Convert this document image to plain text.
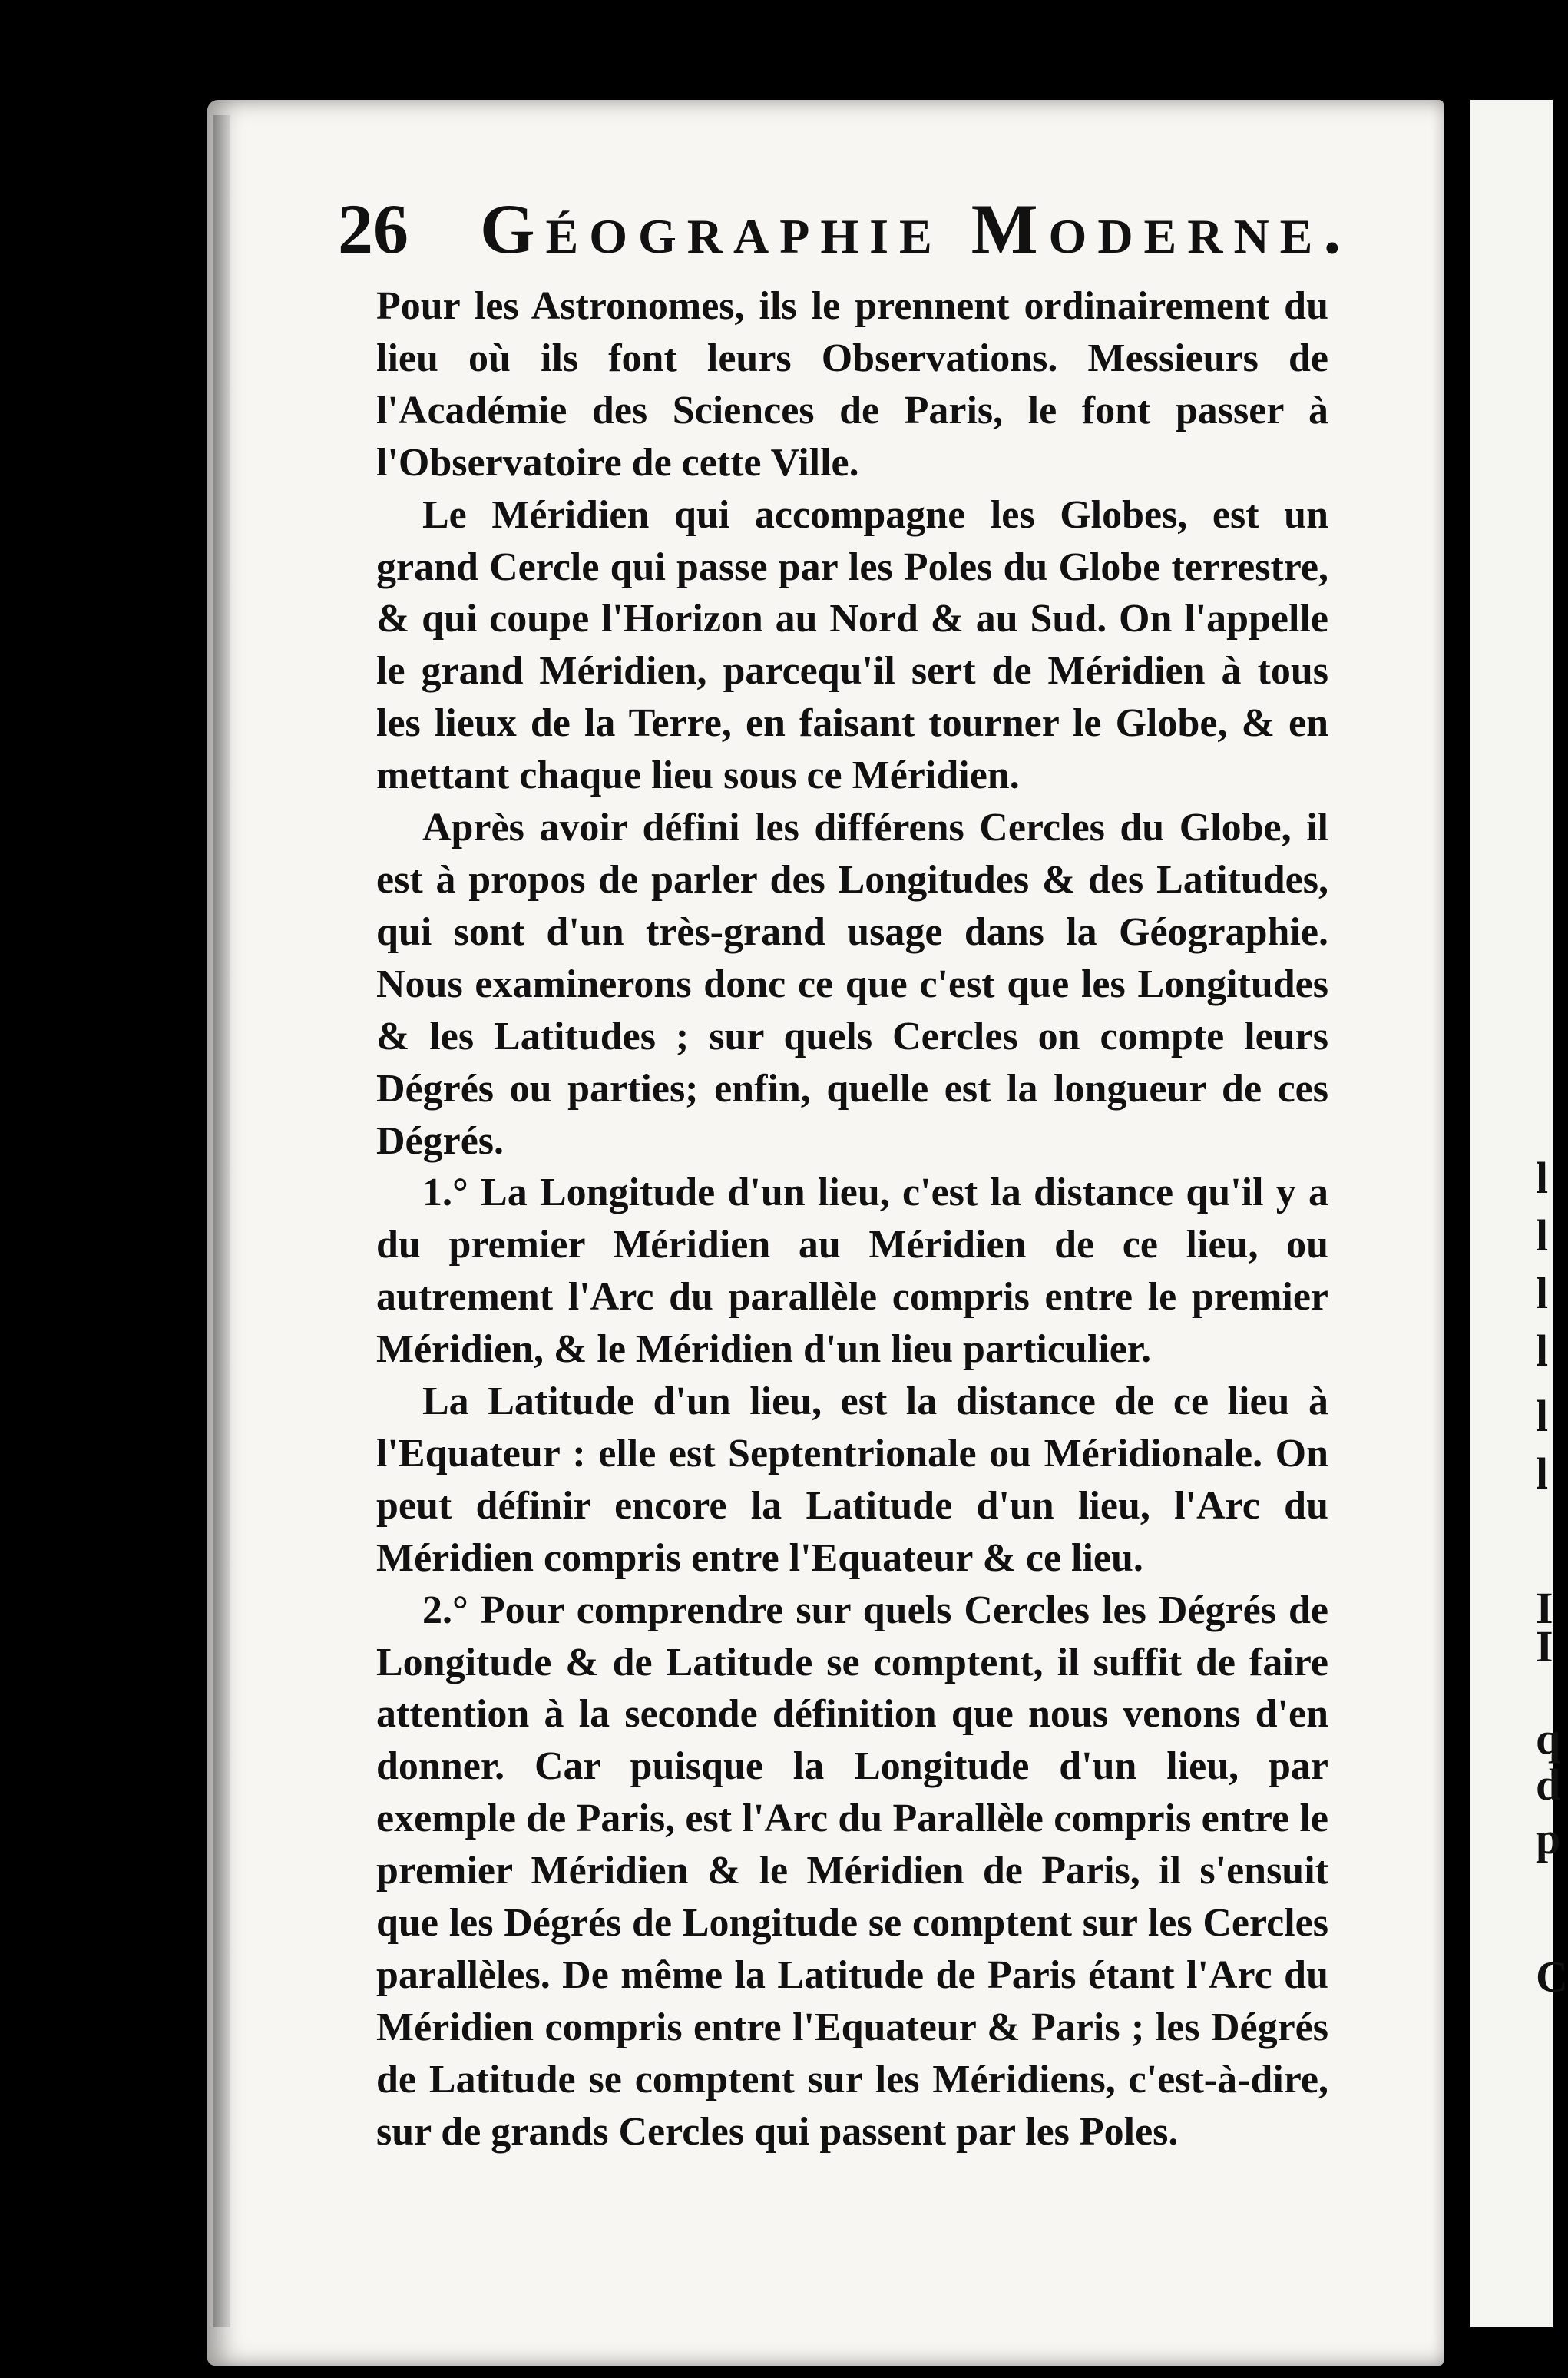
26 Géographie Moderne.

Pour les Astronomes, ils le prennent ordinairement du lieu où ils font leurs Observations. Messieurs de l'Académie des Sciences de Paris, le font passer à l'Observatoire de cette Ville.

Le Méridien qui accompagne les Globes, est un grand Cercle qui passe par les Poles du Globe terrestre, & qui coupe l'Horizon au Nord & au Sud. On l'appelle le grand Méridien, parcequ'il sert de Méridien à tous les lieux de la Terre, en faisant tourner le Globe, & en mettant chaque lieu sous ce Méridien.

Après avoir défini les différens Cercles du Globe, il est à propos de parler des Longitudes & des Latitudes, qui sont d'un très-grand usage dans la Géographie. Nous examinerons donc ce que c'est que les Longitudes & les Latitudes ; sur quels Cercles on compte leurs Dégrés ou parties; enfin, quelle est la longueur de ces Dégrés.

1.° La Longitude d'un lieu, c'est la distance qu'il y a du premier Méridien au Méridien de ce lieu, ou autrement l'Arc du parallèle compris entre le premier Méridien, & le Méridien d'un lieu particulier.

La Latitude d'un lieu, est la distance de ce lieu à l'Equateur : elle est Septentrionale ou Méridionale. On peut définir encore la Latitude d'un lieu, l'Arc du Méridien compris entre l'Equateur & ce lieu.

2.° Pour comprendre sur quels Cercles les Dégrés de Longitude & de Latitude se comptent, il suffit de faire attention à la seconde définition que nous venons d'en donner. Car puisque la Longitude d'un lieu, par exemple de Paris, est l'Arc du Parallèle compris entre le premier Méridien & le Méridien de Paris, il s'ensuit que les Dégrés de Longitude se comptent sur les Cercles parallèles. De même la Latitude de Paris étant l'Arc du Méridien compris entre l'Equateur & Paris ; les Dégrés de Latitude se comptent sur les Méridiens, c'est-à-dire, sur de grands Cercles qui passent par les Poles.

l
l
l
l
l
l
I
I
q
d
p
C
